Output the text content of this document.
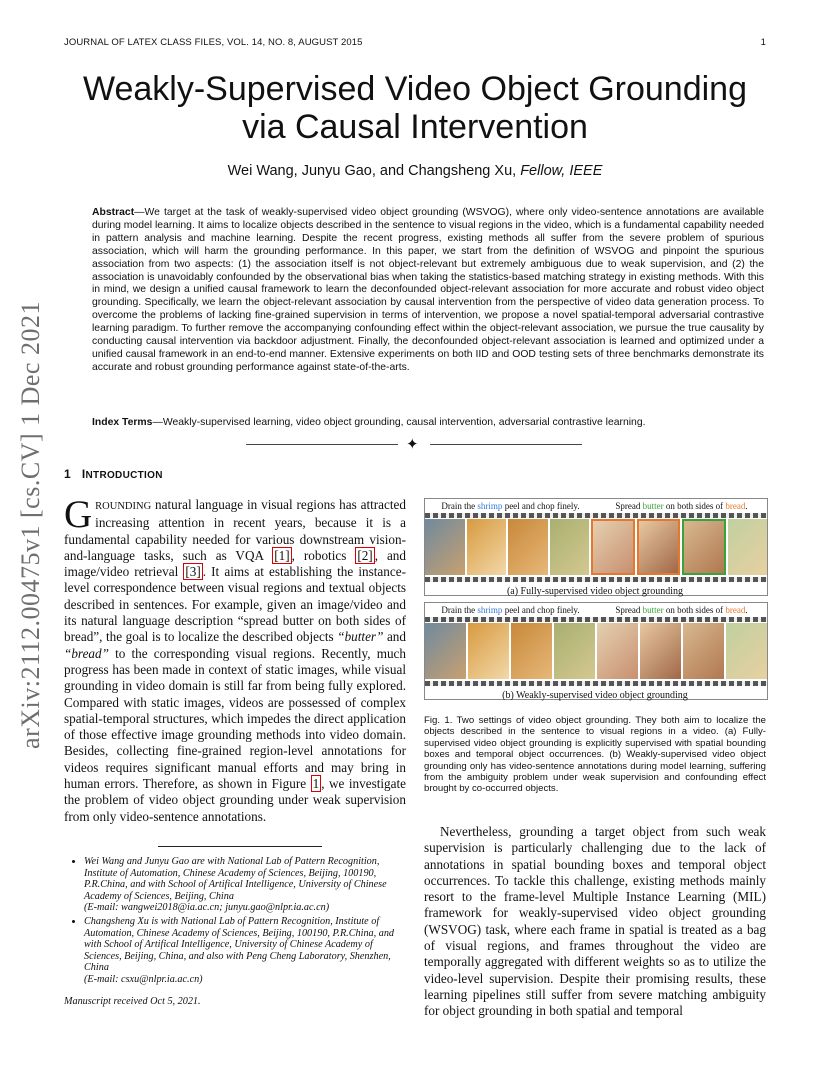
JOURNAL OF LATEX CLASS FILES, VOL. 14, NO. 8, AUGUST 2015	1
arXiv:2112.00475v1 [cs.CV] 1 Dec 2021
Weakly-Supervised Video Object Grounding
via Causal Intervention
Wei Wang, Junyu Gao, and Changsheng Xu, Fellow, IEEE
Abstract—We target at the task of weakly-supervised video object grounding (WSVOG), where only video-sentence annotations are available during model learning. It aims to localize objects described in the sentence to visual regions in the video, which is a fundamental capability needed in pattern analysis and machine learning. Despite the recent progress, existing methods all suffer from the severe problem of spurious association, which will harm the grounding performance. In this paper, we start from the definition of WSVOG and pinpoint the spurious association from two aspects: (1) the association itself is not object-relevant but extremely ambiguous due to weak supervision, and (2) the association is unavoidably confounded by the observational bias when taking the statistics-based matching strategy in existing methods. With this in mind, we design a unified causal framework to learn the deconfounded object-relevant association for more accurate and robust video object grounding. Specifically, we learn the object-relevant association by causal intervention from the perspective of video data generation process. To overcome the problems of lacking fine-grained supervision in terms of intervention, we propose a novel spatial-temporal adversarial contrastive learning paradigm. To further remove the accompanying confounding effect within the object-relevant association, we pursue the true causality by conducting causal intervention via backdoor adjustment. Finally, the deconfounded object-relevant association is learned and optimized under a unified causal framework in an end-to-end manner. Extensive experiments on both IID and OOD testing sets of three benchmarks demonstrate its accurate and robust grounding performance against state-of-the-arts.
Index Terms—Weakly-supervised learning, video object grounding, causal intervention, adversarial contrastive learning.
✦
1 INTRODUCTION
GROUNDING natural language in visual regions has attracted increasing attention in recent years, because it is a fundamental capability needed for various downstream vision-and-language tasks, such as VQA [1] , robotics [2] , and image/video retrieval [3] . It aims at establishing the instance-level correspondence between visual regions and textual objects described in sentences. For example, given an image/video and its natural language description “spread butter on both sides of bread”, the goal is to localize the described objects “butter” and “bread” to the corresponding visual regions. Recently, much progress has been made in context of static images, while visual grounding in video domain is still far from being fully explored. Compared with static images, videos are possessed of complex spatial-temporal structures, which impedes the direct application of those effective image grounding methods into video domain. Besides, collecting fine-grained region-level annotations for videos requires significant manual efforts and may bring in human errors. Therefore, as shown in Figure 1 , we investigate the problem of video object grounding under weak supervision from only video-sentence annotations.
• Wei Wang and Junyu Gao are with National Lab of Pattern Recognition, Institute of Automation, Chinese Academy of Sciences, Beijing, 100190, P.R.China, and with School of Artifical Intelligence, University of Chinese Academy of Sciences, Beijing, China
(E-mail: wangwei2018@ia.ac.cn; junyu.gao@nlpr.ia.ac.cn)
• Changsheng Xu is with National Lab of Pattern Recognition, Institute of Automation, Chinese Academy of Sciences, Beijing, 100190, P.R.China, and with School of Artifical Intelligence, University of Chinese Academy of Sciences, Beijing, China, and also with Peng Cheng Laboratory, Shenzhen, China
(E-mail: csxu@nlpr.ia.ac.cn)
Manuscript received Oct 5, 2021.
Drain the shrimp peel and chop finely.	Spread butter on both sides of bread.
(a) Fully-supervised video object grounding
Drain the shrimp peel and chop finely.	Spread butter on both sides of bread.
(b) Weakly-supervised video object grounding
Fig. 1. Two settings of video object grounding. They both aim to localize the objects described in the sentence to visual regions in a video. (a) Fully-supervised video object grounding is explicitly supervised with spatial bounding boxes and temporal object occurrences. (b) Weakly-supervised video object grounding only has video-sentence annotations during model learning, suffering from the ambiguity problem under weak supervision and confounding effect brought by co-occurred objects.
Nevertheless, grounding a target object from such weak supervision is particularly challenging due to the lack of annotations in spatial bounding boxes and temporal object occurrences. To tackle this challenge, existing methods mainly resort to the frame-level Multiple Instance Learning (MIL) framework for weakly-supervised video object grounding (WSVOG) task, where each frame in spatial is treated as a bag of visual regions, and frames throughout the video are temporally aggregated with different weights so as to utilize the video-level supervision. Despite their promising results, these learning pipelines still suffer from severe matching ambiguity for object grounding in both spatial and temporal
